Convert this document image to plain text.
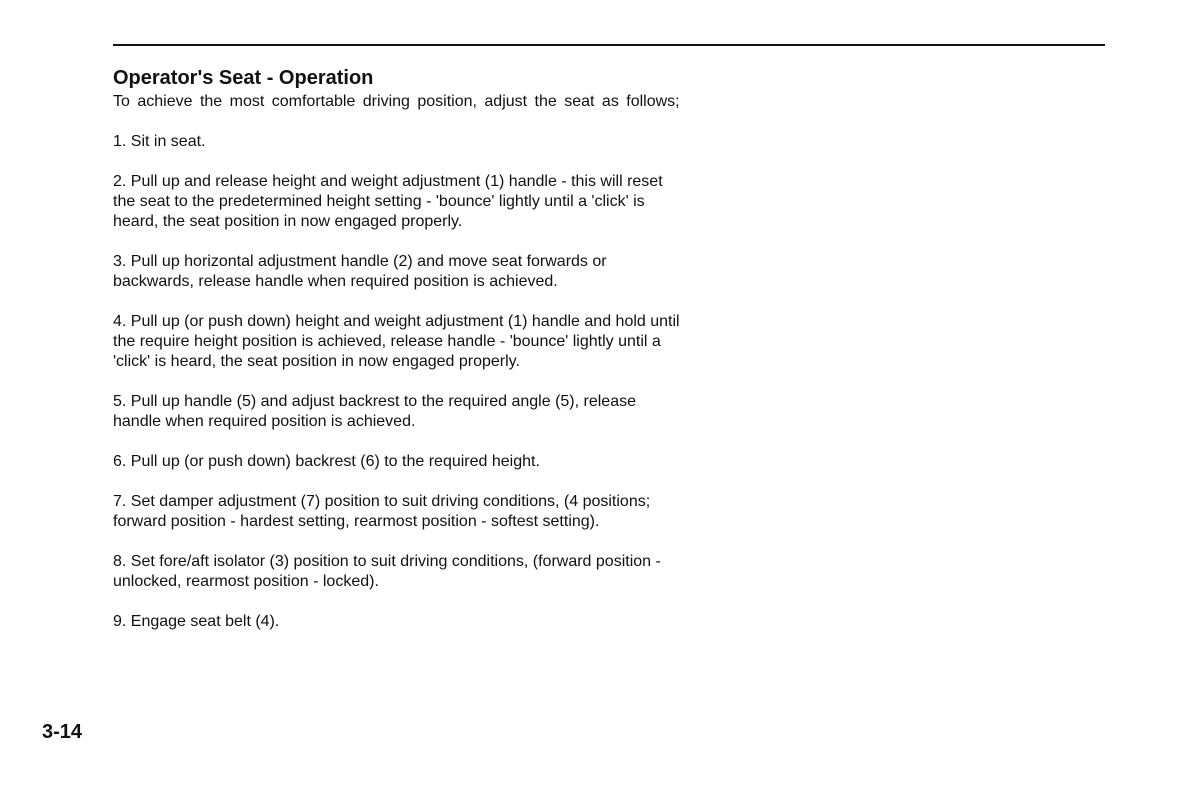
Operator's Seat - Operation

To achieve the most comfortable driving position, adjust the seat as follows;

1. Sit in seat.

2. Pull up and release height and weight adjustment (1) handle - this will reset
the seat to the predetermined height setting - 'bounce' lightly until a 'click' is
heard, the seat position in now engaged properly.

3. Pull up horizontal adjustment handle (2) and move seat forwards or
backwards, release handle when required position is achieved.

4. Pull up (or push down) height and weight adjustment (1) handle and hold until
the require height position is achieved, release handle - 'bounce' lightly until a
'click' is heard, the seat position in now engaged properly.

5. Pull up handle (5) and adjust backrest to the required angle (5), release
handle when required position is achieved.

6. Pull up (or push down) backrest (6) to the required height.

7. Set damper adjustment (7) position to suit driving conditions, (4 positions;
forward position - hardest setting, rearmost position - softest setting).

8. Set fore/aft isolator (3) position to suit driving conditions, (forward position -
unlocked, rearmost position - locked).

9. Engage seat belt (4).

3-14
